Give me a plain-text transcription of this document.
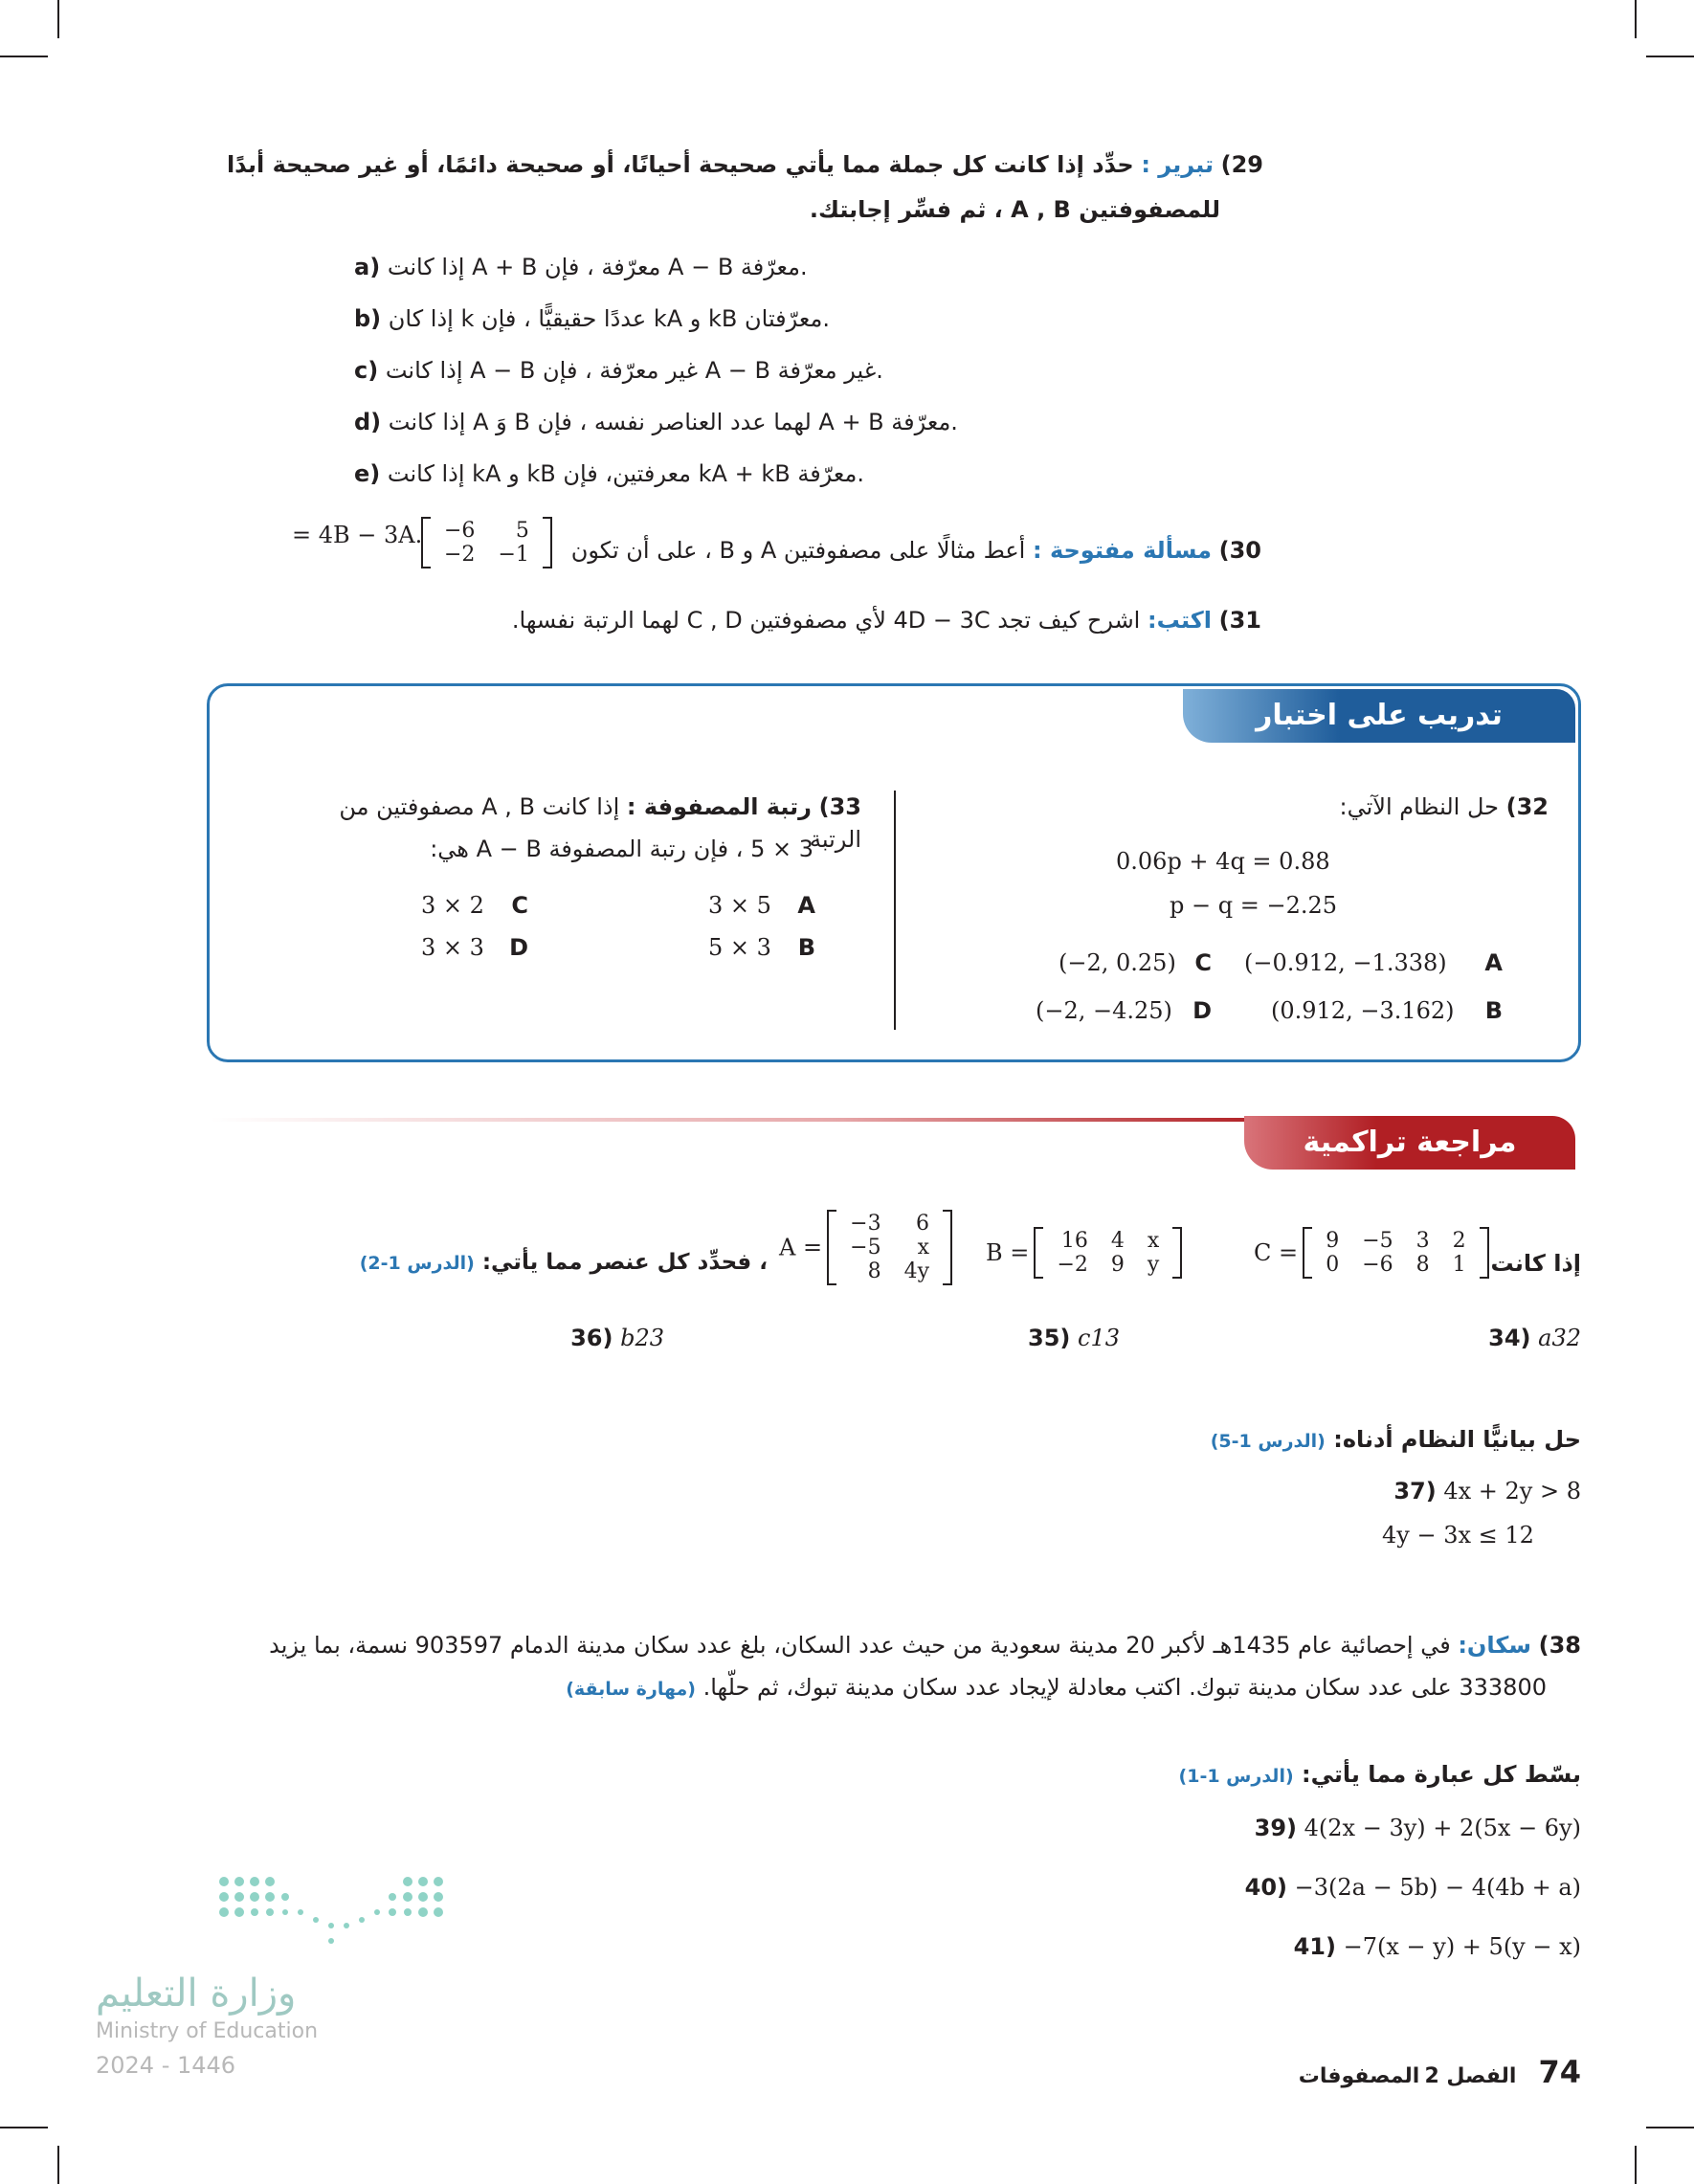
29) تبرير : حدِّد إذا كانت كل جملة مما يأتي صحيحة أحيانًا، أو صحيحة دائمًا، أو غير صحيحة أبدًا
للمصفوفتين A , B ، ثم فسِّر إجابتك.
a) إذا كانت A + B معرّفة ، فإن A − B معرّفة.
b) إذا كان k عددًا حقيقيًّا ، فإن kA و kB معرّفتان.
c) إذا كانت A − B غير معرّفة ، فإن A − B غير معرّفة.
d) إذا كانت A وَ B لهما عدد العناصر نفسه ، فإن A + B معرّفة.
e) إذا كانت kA و kB معرفتين، فإن kA + kB معرّفة.
30) مسألة مفتوحة : أعط مثالًا على مصفوفتين A و B ، على أن تكون
= 4B − 3A. −6	5
−2	−1
31) اكتب: اشرح كيف تجد 4D − 3C لأي مصفوفتين C , D لهما الرتبة نفسها.
تدريب على اختبار
32) حل النظام الآتي:
0.06p + 4q = 0.88
p − q = −2.25
(−0.912, −1.338) A
(0.912, −3.162) B
(−2, 0.25) C
(−2, −4.25) D
33) رتبة المصفوفة : إذا كانت A , B مصفوفتين من الرتبة
3 × 5 ، فإن رتبة المصفوفة A − B هي:
3 × 5 A
5 × 3 B
3 × 2 C
3 × 3 D
مراجعة تراكمية
إذا كانت
C = 9	−5	3	2
0	−6	8	1
B = 16	4	x
−2	9	y
A =
−3	6
−5	x
8	4y
، فحدِّد كل عنصر مما يأتي: (الدرس 1-2)
34) a32
35) c13
36) b23
حل بيانيًّا النظام أدناه: (الدرس 1-5)
37) 4x + 2y > 8
4y − 3x ≤ 12
38) سكان: في إحصائية عام 1435هـ لأكبر 20 مدينة سعودية من حيث عدد السكان، بلغ عدد سكان مدينة الدمام 903597 نسمة، بما يزيد
333800 على عدد سكان مدينة تبوك. اكتب معادلة لإيجاد عدد سكان مدينة تبوك، ثم حلّها. (مهارة سابقة)
بسّط كل عبارة مما يأتي: (الدرس 1-1)
39) 4(2x − 3y) + 2(5x − 6y)
40) −3(2a − 5b) − 4(4b + a)
41) −7(x − y) + 5(y − x)
وزارة التعليم
Ministry of Education
2024 - 1446	74 الفصل 2 المصفوفات
